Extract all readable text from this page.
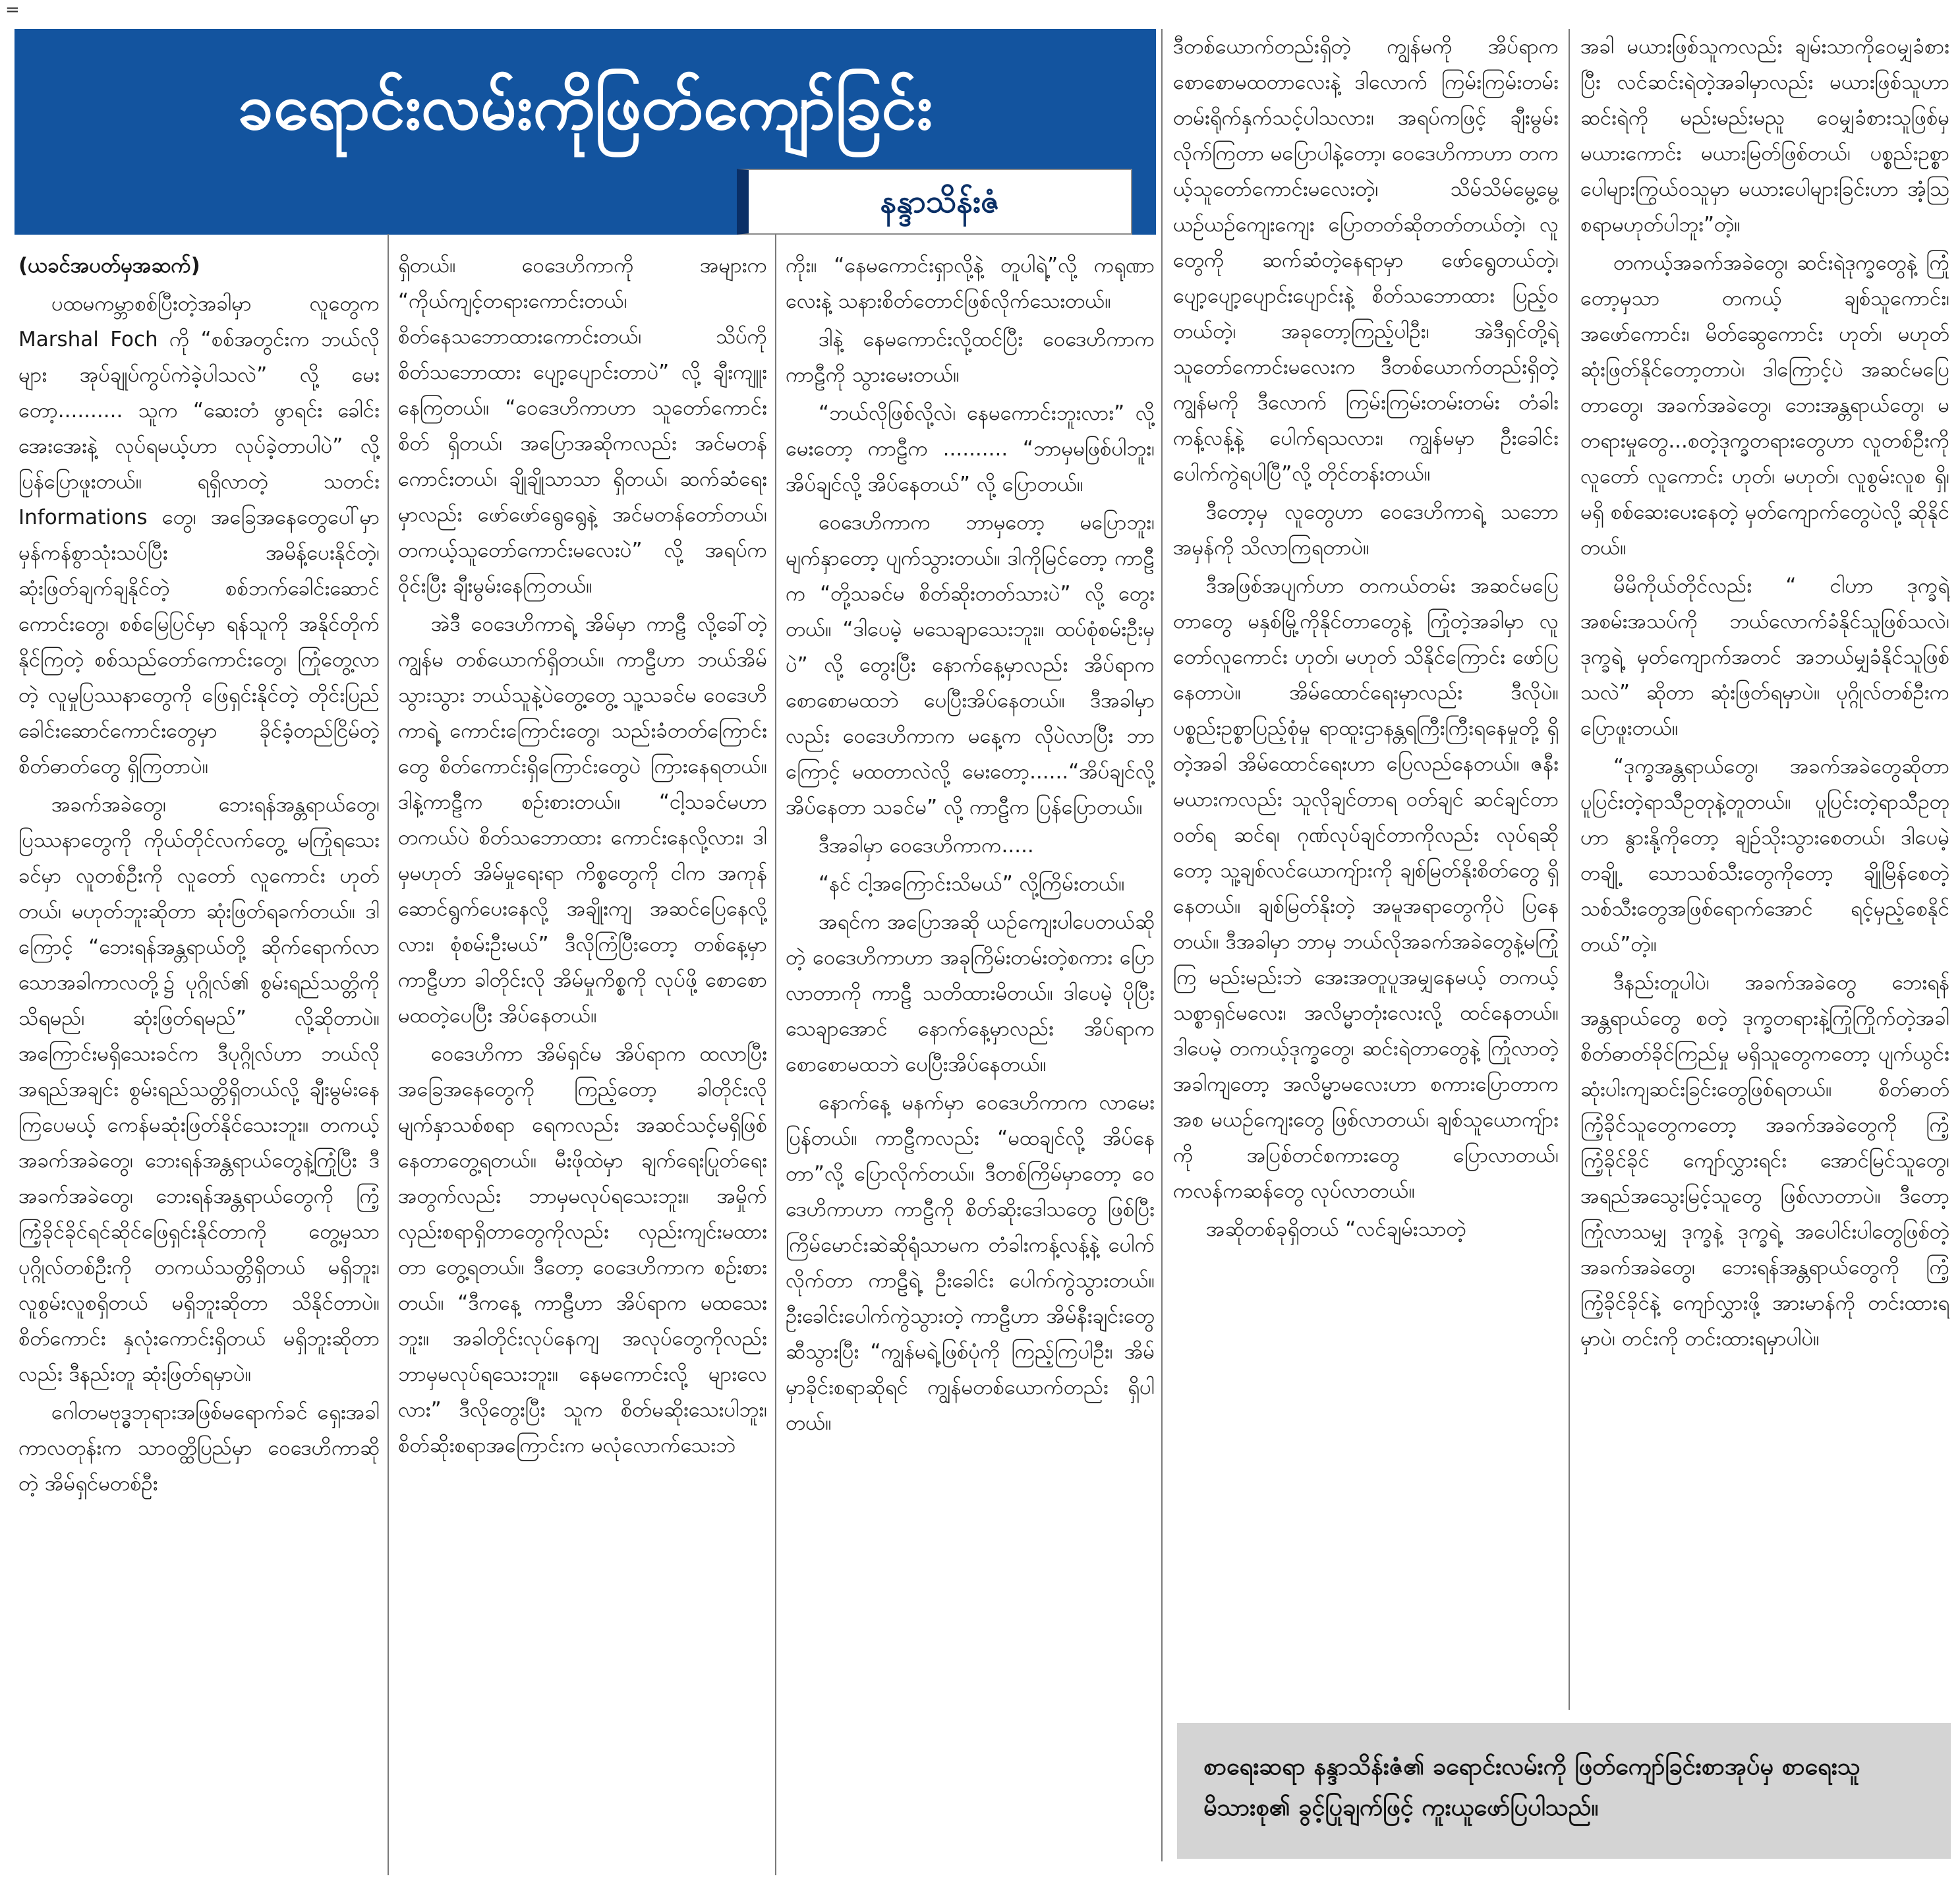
=
ခရောင်းလမ်းကိုဖြတ်ကျော်ခြင်း
နန္ဒာသိန်းဇံ

(ယခင်အပတ်မှအဆက်)

ပထမကမ္ဘာစစ်ပြီးတဲ့အခါမှာ လူတွေက Marshal Foch ကို “စစ်အတွင်းက ဘယ်လိုများ အုပ်ချုပ်ကွပ်ကဲခဲ့ပါသလဲ” လို့ မေးတော့.......... သူက “ဆေးတံ ဖွာရင်း ခေါင်းအေးအေးနဲ့ လုပ်ရမယ့်ဟာ လုပ်ခဲ့တာပါပဲ” လို့ ပြန်ပြောဖူးတယ်။ ရရှိလာတဲ့ သတင်း Informations တွေ၊ အခြေအနေတွေပေါ်မှာ မှန်ကန်စွာသုံးသပ်ပြီး အမိန့်ပေးနိုင်တဲ့၊ ဆုံးဖြတ်ချက်ချနိုင်တဲ့ စစ်ဘက်ခေါင်းဆောင်ကောင်းတွေ၊ စစ်မြေပြင်မှာ ရန်သူကို အနိုင်တိုက်နိုင်ကြတဲ့ စစ်သည်တော်ကောင်းတွေ၊ ကြုံတွေ့လာတဲ့ လူမှုပြဿနာတွေကို ဖြေရှင်းနိုင်တဲ့ တိုင်းပြည်ခေါင်းဆောင်ကောင်းတွေမှာ ခိုင်ခံ့တည်ငြိမ်တဲ့ စိတ်ဓာတ်တွေ ရှိကြတာပဲ။

အခက်အခဲတွေ၊ ဘေးရန်အန္တရာယ်တွေ၊ ပြဿနာတွေကို ကိုယ်တိုင်လက်တွေ့ မကြုံရသေးခင်မှာ လူတစ်ဦးကို လူတော် လူကောင်း ဟုတ်တယ်၊ မဟုတ်ဘူးဆိုတာ ဆုံးဖြတ်ရခက်တယ်။ ဒါကြောင့် “ဘေးရန်အန္တရာယ်တို့ ဆိုက်ရောက်လာသောအခါကာလတို့၌ ပုဂ္ဂိုလ်၏ စွမ်းရည်သတ္တိကို သိရမည်၊ ဆုံးဖြတ်ရမည်” လို့ဆိုတာပဲ။ အကြောင်းမရှိသေးခင်က ဒီပုဂ္ဂိုလ်ဟာ ဘယ်လိုအရည်အချင်း စွမ်းရည်သတ္တိရှိတယ်လို့ ချီးမွမ်းနေကြပေမယ့် ကေန်မဆုံးဖြတ်နိုင်သေးဘူး။ တကယ့်အခက်အခဲတွေ၊ ဘေးရန်အန္တရာယ်တွေနဲ့ကြုံပြီး ဒီအခက်အခဲတွေ၊ ဘေးရန်အန္တရာယ်တွေကို ကြံ့ကြံ့ခိုင်ခိုင်ရင်ဆိုင်ဖြေရှင်းနိုင်တာကို တွေ့မှသာ ပုဂ္ဂိုလ်တစ်ဦးကို တကယ်သတ္တိရှိတယ် မရှိဘူး၊ လူစွမ်းလူစရှိတယ် မရှိဘူးဆိုတာ သိနိုင်တာပဲ။ စိတ်ကောင်း နှလုံးကောင်းရှိတယ် မရှိဘူးဆိုတာလည်း ဒီနည်းတူ ဆုံးဖြတ်ရမှာပဲ။

ဂေါတမဗုဒ္ဓဘုရားအဖြစ်မရောက်ခင် ရှေးအခါကာလတုန်းက သာဝတ္ထိပြည်မှာ ဝေဒေဟိကာဆိုတဲ့ အိမ်ရှင်မတစ်ဦး

ရှိတယ်။ ဝေဒေဟိကာကို အများက “ကိုယ်ကျင့်တရားကောင်းတယ်၊ စိတ်နေသဘောထားကောင်းတယ်၊ သိပ်ကို စိတ်သဘောထား ပျော့ပျောင်းတာပဲ” လို့ ချီးကျူးနေကြတယ်။ “ဝေဒေဟိကာဟာ သူတော်ကောင်းစိတ် ရှိတယ်၊ အပြောအဆိုကလည်း အင်မတန်ကောင်းတယ်၊ ချိုချိုသာသာ ရှိတယ်၊ ဆက်ဆံရေးမှာလည်း ဖော်ဖော်ရွေရွေနဲ့ အင်မတန်တော်တယ်၊ တကယ့်သူတော်ကောင်းမလေးပဲ” လို့ အရပ်က ဝိုင်းပြီး ချီးမွမ်းနေကြတယ်။

အဲဒီ ဝေဒေဟိကာရဲ့ အိမ်မှာ ကာဠီ လို့ခေါ်တဲ့ ကျွန်မ တစ်ယောက်ရှိတယ်။ ကာဠီဟာ ဘယ်အိမ်သွားသွား ဘယ်သူနဲ့ပဲတွေ့တွေ့ သူ့သခင်မ ဝေဒေဟိကာရဲ့ ကောင်းကြောင်းတွေ၊ သည်းခံတတ်ကြောင်းတွေ စိတ်ကောင်းရှိကြောင်းတွေပဲ ကြားနေရတယ်။ ဒါနဲ့ကာဠီက စဉ်းစားတယ်။ “ငါ့သခင်မဟာ တကယ်ပဲ စိတ်သဘောထား ကောင်းနေလို့လား၊ ဒါမှမဟုတ် အိမ်မှုရေးရာ ကိစ္စတွေကို ငါက အကုန်ဆောင်ရွက်ပေးနေလို့ အချိုးကျ အဆင်ပြေနေလို့လား၊ စုံစမ်းဦးမယ်” ဒီလိုကြံပြီးတော့ တစ်နေ့မှာ ကာဠီဟာ ခါတိုင်းလို အိမ်မှုကိစ္စကို လုပ်ဖို့ စောစောမထတဲ့ပေပြီး အိပ်နေတယ်။

ဝေဒေဟိကာ အိမ်ရှင်မ အိပ်ရာက ထလာပြီး အခြေအနေတွေကို ကြည့်တော့ ခါတိုင်းလို မျက်နှာသစ်စရာ ရေကလည်း အဆင်သင့်မရှိဖြစ်နေတာတွေ့ရတယ်။ မီးဖိုထဲမှာ ချက်ရေးပြုတ်ရေး အတွက်လည်း ဘာမှမလုပ်ရသေးဘူး။ အမှိုက် လှည်းစရာရှိတာတွေကိုလည်း လှည်းကျင်းမထားတာ တွေ့ရတယ်။ ဒီတော့ ဝေဒေဟိကာက စဉ်းစားတယ်။ “ဒီကနေ့ ကာဠီဟာ အိပ်ရာက မထသေးဘူး။ အခါတိုင်းလုပ်နေကျ အလုပ်တွေကိုလည်း ဘာမှမလုပ်ရသေးဘူး။ နေမကောင်းလို့ များလေလား” ဒီလိုတွေးပြီး သူက စိတ်မဆိုးသေးပါဘူး၊ စိတ်ဆိုးစရာအကြောင်းက မလုံလောက်သေးဘဲ

ကိုး။ “နေမကောင်းရှာလို့နဲ့ တူပါရဲ့”လို့ ကရုဏာလေးနဲ့ သနားစိတ်တောင်ဖြစ်လိုက်သေးတယ်။

ဒါနဲ့ နေမကောင်းလို့ထင်ပြီး ဝေဒေဟိကာက ကာဠီကို သွားမေးတယ်။

“ဘယ်လိုဖြစ်လို့လဲ၊ နေမကောင်းဘူးလား” လို့မေးတော့ ကာဠီက .......... “ဘာမှမဖြစ်ပါဘူး၊ အိပ်ချင်လို့ အိပ်နေတယ်” လို့ ပြောတယ်။

ဝေဒေဟိကာက ဘာမှတော့ မပြောဘူး၊ မျက်နှာတော့ ပျက်သွားတယ်။ ဒါကိုမြင်တော့ ကာဠီက “တို့သခင်မ စိတ်ဆိုးတတ်သားပဲ” လို့ တွေးတယ်။ “ဒါပေမဲ့ မသေချာသေးဘူး။ ထပ်စုံစမ်းဦးမှပဲ” လို့ တွေးပြီး နောက်နေ့မှာလည်း အိပ်ရာက စောစောမထဘဲ ပေပြီးအိပ်နေတယ်။ ဒီအခါမှာလည်း ဝေဒေဟိကာက မနေ့က လိုပဲလာပြီး ဘာကြောင့် မထတာလဲလို့ မေးတော့......“အိပ်ချင်လို့ အိပ်နေတာ သခင်မ” လို့ ကာဠီက ပြန်ပြောတယ်။

ဒီအခါမှာ ဝေဒေဟိကာက.....

“နင် ငါ့အကြောင်းသိမယ်” လို့ကြိမ်းတယ်။

အရင်က အပြောအဆို ယဉ်ကျေးပါပေတယ်ဆိုတဲ့ ဝေဒေဟိကာဟာ အခုကြိမ်းတမ်းတဲ့စကား ပြောလာတာကို ကာဠီ သတိထားမိတယ်။ ဒါပေမဲ့ ပိုပြီးသေချာအောင် နောက်နေ့မှာလည်း အိပ်ရာက စောစောမထဘဲ ပေပြီးအိပ်နေတယ်။

နောက်နေ့ မနက်မှာ ဝေဒေဟိကာက လာမေးပြန်တယ်။ ကာဠီကလည်း “မထချင်လို့ အိပ်နေတာ”လို့ ပြောလိုက်တယ်။ ဒီတစ်ကြိမ်မှာတော့ ဝေဒေဟိကာဟာ ကာဠီကို စိတ်ဆိုးဒေါသတွေ ဖြစ်ပြီး ကြိမ်မောင်းဆဲဆိုရုံသာမက တံခါးကန့်လန့်နဲ့ ပေါက်လိုက်တာ ကာဠီရဲ့ ဦးခေါင်း ပေါက်ကွဲသွားတယ်။ ဦးခေါင်းပေါက်ကွဲသွားတဲ့ ကာဠီဟာ အိမ်နီးချင်းတွေဆီသွားပြီး “ကျွန်မရဲ့ဖြစ်ပုံကို ကြည့်ကြပါဦး၊ အိမ်မှာခိုင်းစရာဆိုရင် ကျွန်မတစ်ယောက်တည်း ရှိပါတယ်။

ဒီတစ်ယောက်တည်းရှိတဲ့ ကျွန်မကို အိပ်ရာက စောစောမထတာလေးနဲ့ ဒါလောက် ကြမ်းကြမ်းတမ်းတမ်းရိုက်နှက်သင့်ပါသလား၊ အရပ်ကဖြင့် ချီးမွမ်းလိုက်ကြတာ မပြောပါနဲ့တော့၊ ဝေဒေဟိကာဟာ တကယ့်သူတော်ကောင်းမလေးတဲ့၊ သိမ်သိမ်မွေ့မွေ့ ယဉ်ယဉ်ကျေးကျေး ပြောတတ်ဆိုတတ်တယ်တဲ့၊ လူတွေကို ဆက်ဆံတဲ့နေရာမှာ ဖော်ရွေတယ်တဲ့၊ ပျော့ပျော့ပျောင်းပျောင်းနဲ့ စိတ်သဘောထား ပြည့်ဝတယ်တဲ့၊ အခုတော့ကြည့်ပါဦး၊ အဲဒီရှင်တို့ရဲ့ သူတော်ကောင်းမလေးက ဒီတစ်ယောက်တည်းရှိတဲ့ ကျွန်မကို ဒီလောက် ကြမ်းကြမ်းတမ်းတမ်း တံခါးကန့်လန့်နဲ့ ပေါက်ရသလား၊ ကျွန်မမှာ ဦးခေါင်းပေါက်ကွဲရပါပြီ”လို့ တိုင်တန်းတယ်။

ဒီတော့မှ လူတွေဟာ ဝေဒေဟိကာရဲ့ သဘောအမှန်ကို သိလာကြရတာပဲ။

ဒီအဖြစ်အပျက်ဟာ တကယ်တမ်း အဆင်မပြေတာတွေ မနှစ်မြို့ကိုနိုင်တာတွေနဲ့ ကြုံတဲ့အခါမှာ လူတော်လူကောင်း ဟုတ်၊ မဟုတ် သိနိုင်ကြောင်း ဖော်ပြနေတာပဲ။ အိမ်ထောင်ရေးမှာလည်း ဒီလိုပဲ။ ပစ္စည်းဥစ္စာပြည့်စုံမှု ရာထူးဌာနန္တရကြီးကြီးရနေမှုတို့ ရှိတဲ့အခါ အိမ်ထောင်ရေးဟာ ပြေလည်နေတယ်။ ဇနီးမယားကလည်း သူလိုချင်တာရ ဝတ်ချင် ဆင်ချင်တာ ဝတ်ရ ဆင်ရ၊ ဂုဏ်လုပ်ချင်တာကိုလည်း လုပ်ရဆိုတော့ သူ့ချစ်လင်ယောကျ်ားကို ချစ်မြတ်နိုးစိတ်တွေ ရှိနေတယ်။ ချစ်မြတ်နိုးတဲ့ အမူအရာတွေကိုပဲ ပြနေတယ်။ ဒီအခါမှာ ဘာမှ ဘယ်လိုအခက်အခဲတွေနဲ့မကြုံကြ မည်းမည်းဘဲ အေးအတူပူအမျှနေမယ့် တကယ့်သစ္စာရှင်မလေး၊ အလိမ္မာတုံးလေးလို့ ထင်နေတယ်။ ဒါပေမဲ့ တကယ့်ဒုက္ခတွေ၊ ဆင်းရဲတာတွေနဲ့ ကြုံလာတဲ့အခါကျတော့ အလိမ္မာမလေးဟာ စကားပြောတာကအစ မယဉ်ကျေးတွေ ဖြစ်လာတယ်၊ ချစ်သူယောကျ်ားကို အပြစ်တင်စကားတွေ ပြောလာတယ်၊ ကလန်ကဆန်တွေ လုပ်လာတယ်။

အဆိုတစ်ခုရှိတယ် “လင်ချမ်းသာတဲ့

အခါ မယားဖြစ်သူကလည်း ချမ်းသာကိုဝေမျှခံစားပြီး လင်ဆင်းရဲတဲ့အခါမှာလည်း မယားဖြစ်သူဟာ ဆင်းရဲကို မည်းမည်းမညူ ဝေမျှခံစားသူဖြစ်မှ မယားကောင်း မယားမြတ်ဖြစ်တယ်၊ ပစ္စည်းဥစ္စာ ပေါများကြွယ်ဝသူမှာ မယားပေါများခြင်းဟာ အံ့သြစရာမဟုတ်ပါဘူး”တဲ့။

တကယ့်အခက်အခဲတွေ၊ ဆင်းရဲဒုက္ခတွေနဲ့ ကြုံတော့မှသာ တကယ့် ချစ်သူကောင်း၊ အဖော်ကောင်း၊ မိတ်ဆွေကောင်း ဟုတ်၊ မဟုတ် ဆုံးဖြတ်နိုင်တော့တာပဲ၊ ဒါကြောင့်ပဲ အဆင်မပြေတာတွေ၊ အခက်အခဲတွေ၊ ဘေးအန္တရာယ်တွေ၊ မတရားမှုတွေ...စတဲ့ဒုက္ခတရားတွေဟာ လူတစ်ဦးကို လူတော် လူကောင်း ဟုတ်၊ မဟုတ်၊ လူစွမ်းလူစ ရှိ၊ မရှိ စစ်ဆေးပေးနေတဲ့ မှတ်ကျောက်တွေပဲလို့ ဆိုနိုင်တယ်။

မိမိကိုယ်တိုင်လည်း “ ငါဟာ ဒုက္ခရဲ့ အစမ်းအသပ်ကို ဘယ်လောက်ခံနိုင်သူဖြစ်သလဲ၊ ဒုက္ခရဲ့ မှတ်ကျောက်အတင် အဘယ်မျှခံနိုင်သူဖြစ်သလဲ” ဆိုတာ ဆုံးဖြတ်ရမှာပဲ။ ပုဂ္ဂိုလ်တစ်ဦးက ပြောဖူးတယ်။

“ဒုက္ခအန္တရာယ်တွေ၊ အခက်အခဲတွေဆိုတာ ပူပြင်းတဲ့ရာသီဥတုနဲ့တူတယ်။ ပူပြင်းတဲ့ရာသီဥတုဟာ နွားနို့ကိုတော့ ချဉ်သိုးသွားစေတယ်၊ ဒါပေမဲ့ တချို့ သောသစ်သီးတွေကိုတော့ ချိုမြိန်စေတဲ့သစ်သီးတွေအဖြစ်ရောက်အောင် ရင့်မှည့်စေနိုင်တယ်”တဲ့။

ဒီနည်းတူပါပဲ၊ အခက်အခဲတွေ ဘေးရန်အန္တရာယ်တွေ စတဲ့ ဒုက္ခတရားနဲ့ကြုံကြိုက်တဲ့အခါ စိတ်ဓာတ်ခိုင်ကြည်မှု မရှိသူတွေကတော့ ပျက်ယွင်းဆုံးပါးကျဆင်းခြင်းတွေဖြစ်ရတယ်။ စိတ်ဓာတ်ကြံ့ခိုင်သူတွေကတော့ အခက်အခဲတွေကို ကြံ့ကြံ့ခိုင်ခိုင် ကျော်လွှားရင်း အောင်မြင်သူတွေ၊ အရည်အသွေးမြင့်သူတွေ ဖြစ်လာတာပဲ။ ဒီတော့ ကြုံလာသမျှ ဒုက္ခနဲ့ ဒုက္ခရဲ့ အပေါင်းပါတွေဖြစ်တဲ့ အခက်အခဲတွေ၊ ဘေးရန်အန္တရာယ်တွေကို ကြံ့ကြံ့ခိုင်ခိုင်နဲ့ ကျော်လွှားဖို့ အားမာန်ကို တင်းထားရမှာပဲ၊ တင်းကို တင်းထားရမှာပါပဲ။

စာရေးဆရာ နန္ဒာသိန်းဇံ၏ ခရောင်းလမ်းကို ဖြတ်ကျော်ခြင်းစာအုပ်မှ စာရေးသူမိသားစု၏ ခွင့်ပြုချက်ဖြင့် ကူးယူဖော်ပြပါသည်။
